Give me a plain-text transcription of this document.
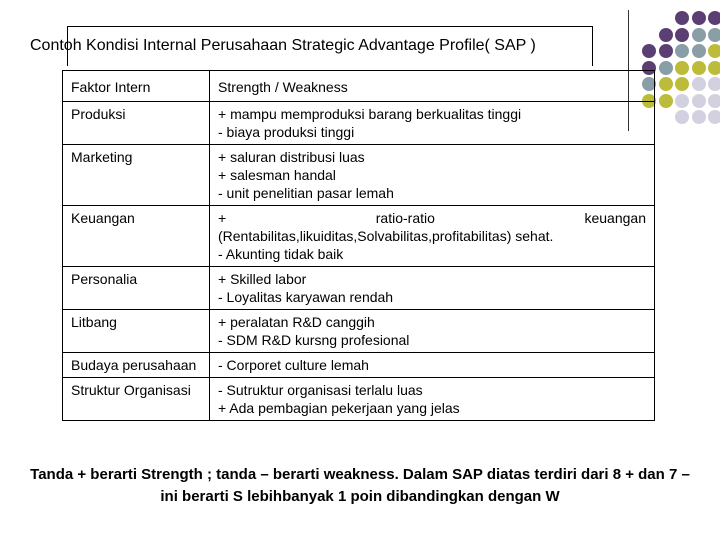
Contoh Kondisi Internal Perusahaan Strategic Advantage Profile( SAP )
Faktor Intern	Strength / Weakness
Produksi	+ mampu memproduksi barang berkualitas tinggi
- biaya produksi tinggi

Marketing	+ saluran distribusi luas
+ salesman handal
- unit penelitian pasar lemah

Keuangan	+ ratio-ratio keuangan
(Rentabilitas,likuiditas,Solvabilitas,profitabilitas) sehat.
- Akunting tidak baik

Personalia	+ Skilled labor
- Loyalitas karyawan rendah

Litbang	+ peralatan R&D canggih
- SDM R&D kursng profesional

Budaya perusahaan	- Corporet culture lemah

Struktur Organisasi	- Sutruktur organisasi terlalu luas
+ Ada pembagian pekerjaan yang jelas
Tanda + berarti Strength ; tanda – berarti weakness. Dalam SAP diatas terdiri dari 8 + dan 7 –
ini berarti S lebihbanyak 1 poin dibandingkan dengan W
